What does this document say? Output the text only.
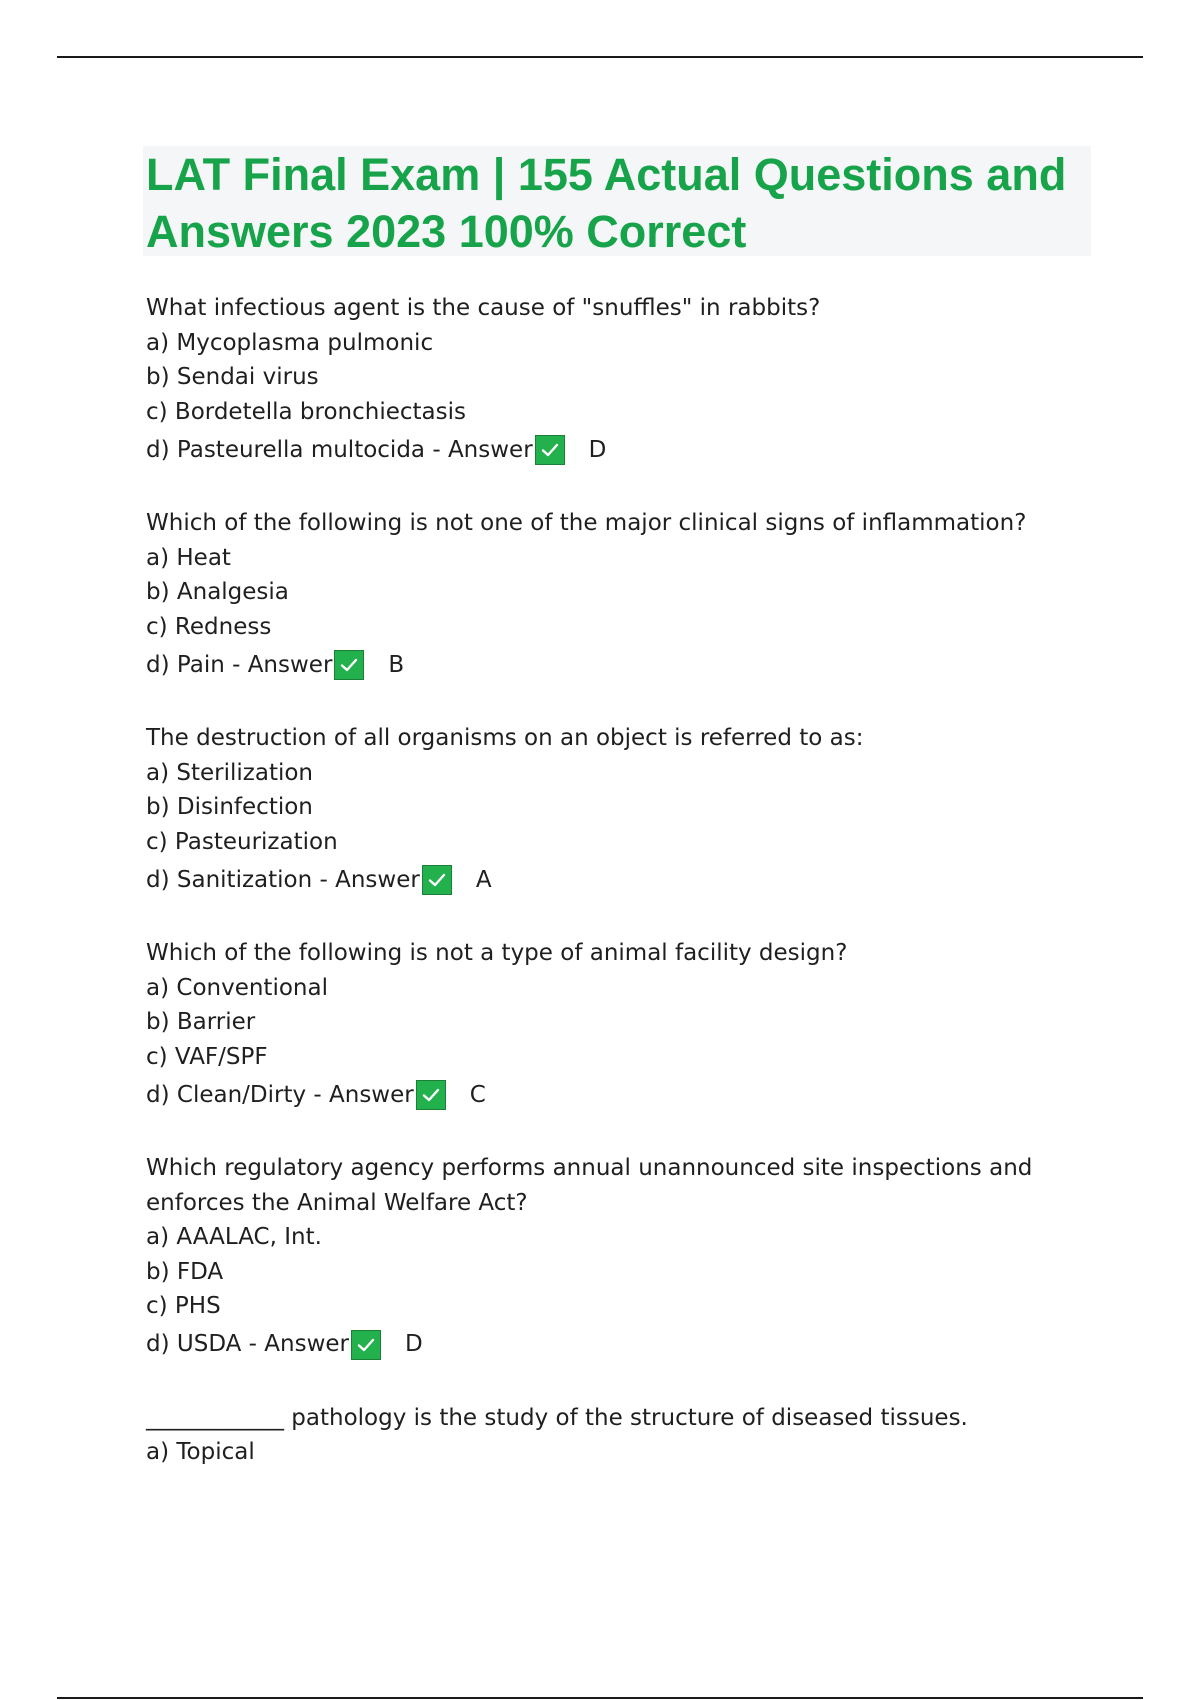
LAT Final Exam | 155 Actual Questions and Answers 2023 100% Correct
What infectious agent is the cause of "snuffles" in rabbits?
a) Mycoplasma pulmonic
b) Sendai virus
c) Bordetella bronchiectasis
d) Pasteurella multocida - Answer D
Which of the following is not one of the major clinical signs of inflammation?
a) Heat
b) Analgesia
c) Redness
d) Pain - Answer B
The destruction of all organisms on an object is referred to as:
a) Sterilization
b) Disinfection
c) Pasteurization
d) Sanitization - Answer A
Which of the following is not a type of animal facility design?
a) Conventional
b) Barrier
c) VAF/SPF
d) Clean/Dirty - Answer C
Which regulatory agency performs annual unannounced site inspections and enforces the Animal Welfare Act?
a) AAALAC, Int.
b) FDA
c) PHS
d) USDA - Answer D
____________ pathology is the study of the structure of diseased tissues.
a) Topical
